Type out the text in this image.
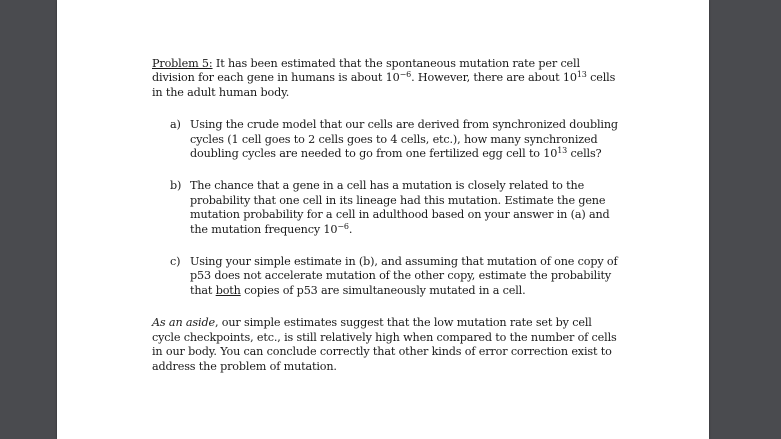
Problem 5: It has been estimated that the spontaneous mutation rate per cell division for each gene in humans is about $10^{-6}$. However, there are about $10^{13}$ cells in the adult human body.

a) Using the crude model that our cells are derived from synchronized doubling cycles (1 cell goes to 2 cells goes to 4 cells, etc.), how many synchronized doubling cycles are needed to go from one fertilized egg cell to $10^{13}$ cells?
b) The chance that a gene in a cell has a mutation is closely related to the probability that one cell in its lineage had this mutation. Estimate the gene mutation probability for a cell in adulthood based on your answer in (a) and the mutation frequency $10^{-6}$.
c) Using your simple estimate in (b), and assuming that mutation of one copy of p53 does not accelerate mutation of the other copy, estimate the probability that both copies of p53 are simultaneously mutated in a cell.

As an aside, our simple estimates suggest that the low mutation rate set by cell cycle checkpoints, etc., is still relatively high when compared to the number of cells in our body. You can conclude correctly that other kinds of error correction exist to address the problem of mutation.
